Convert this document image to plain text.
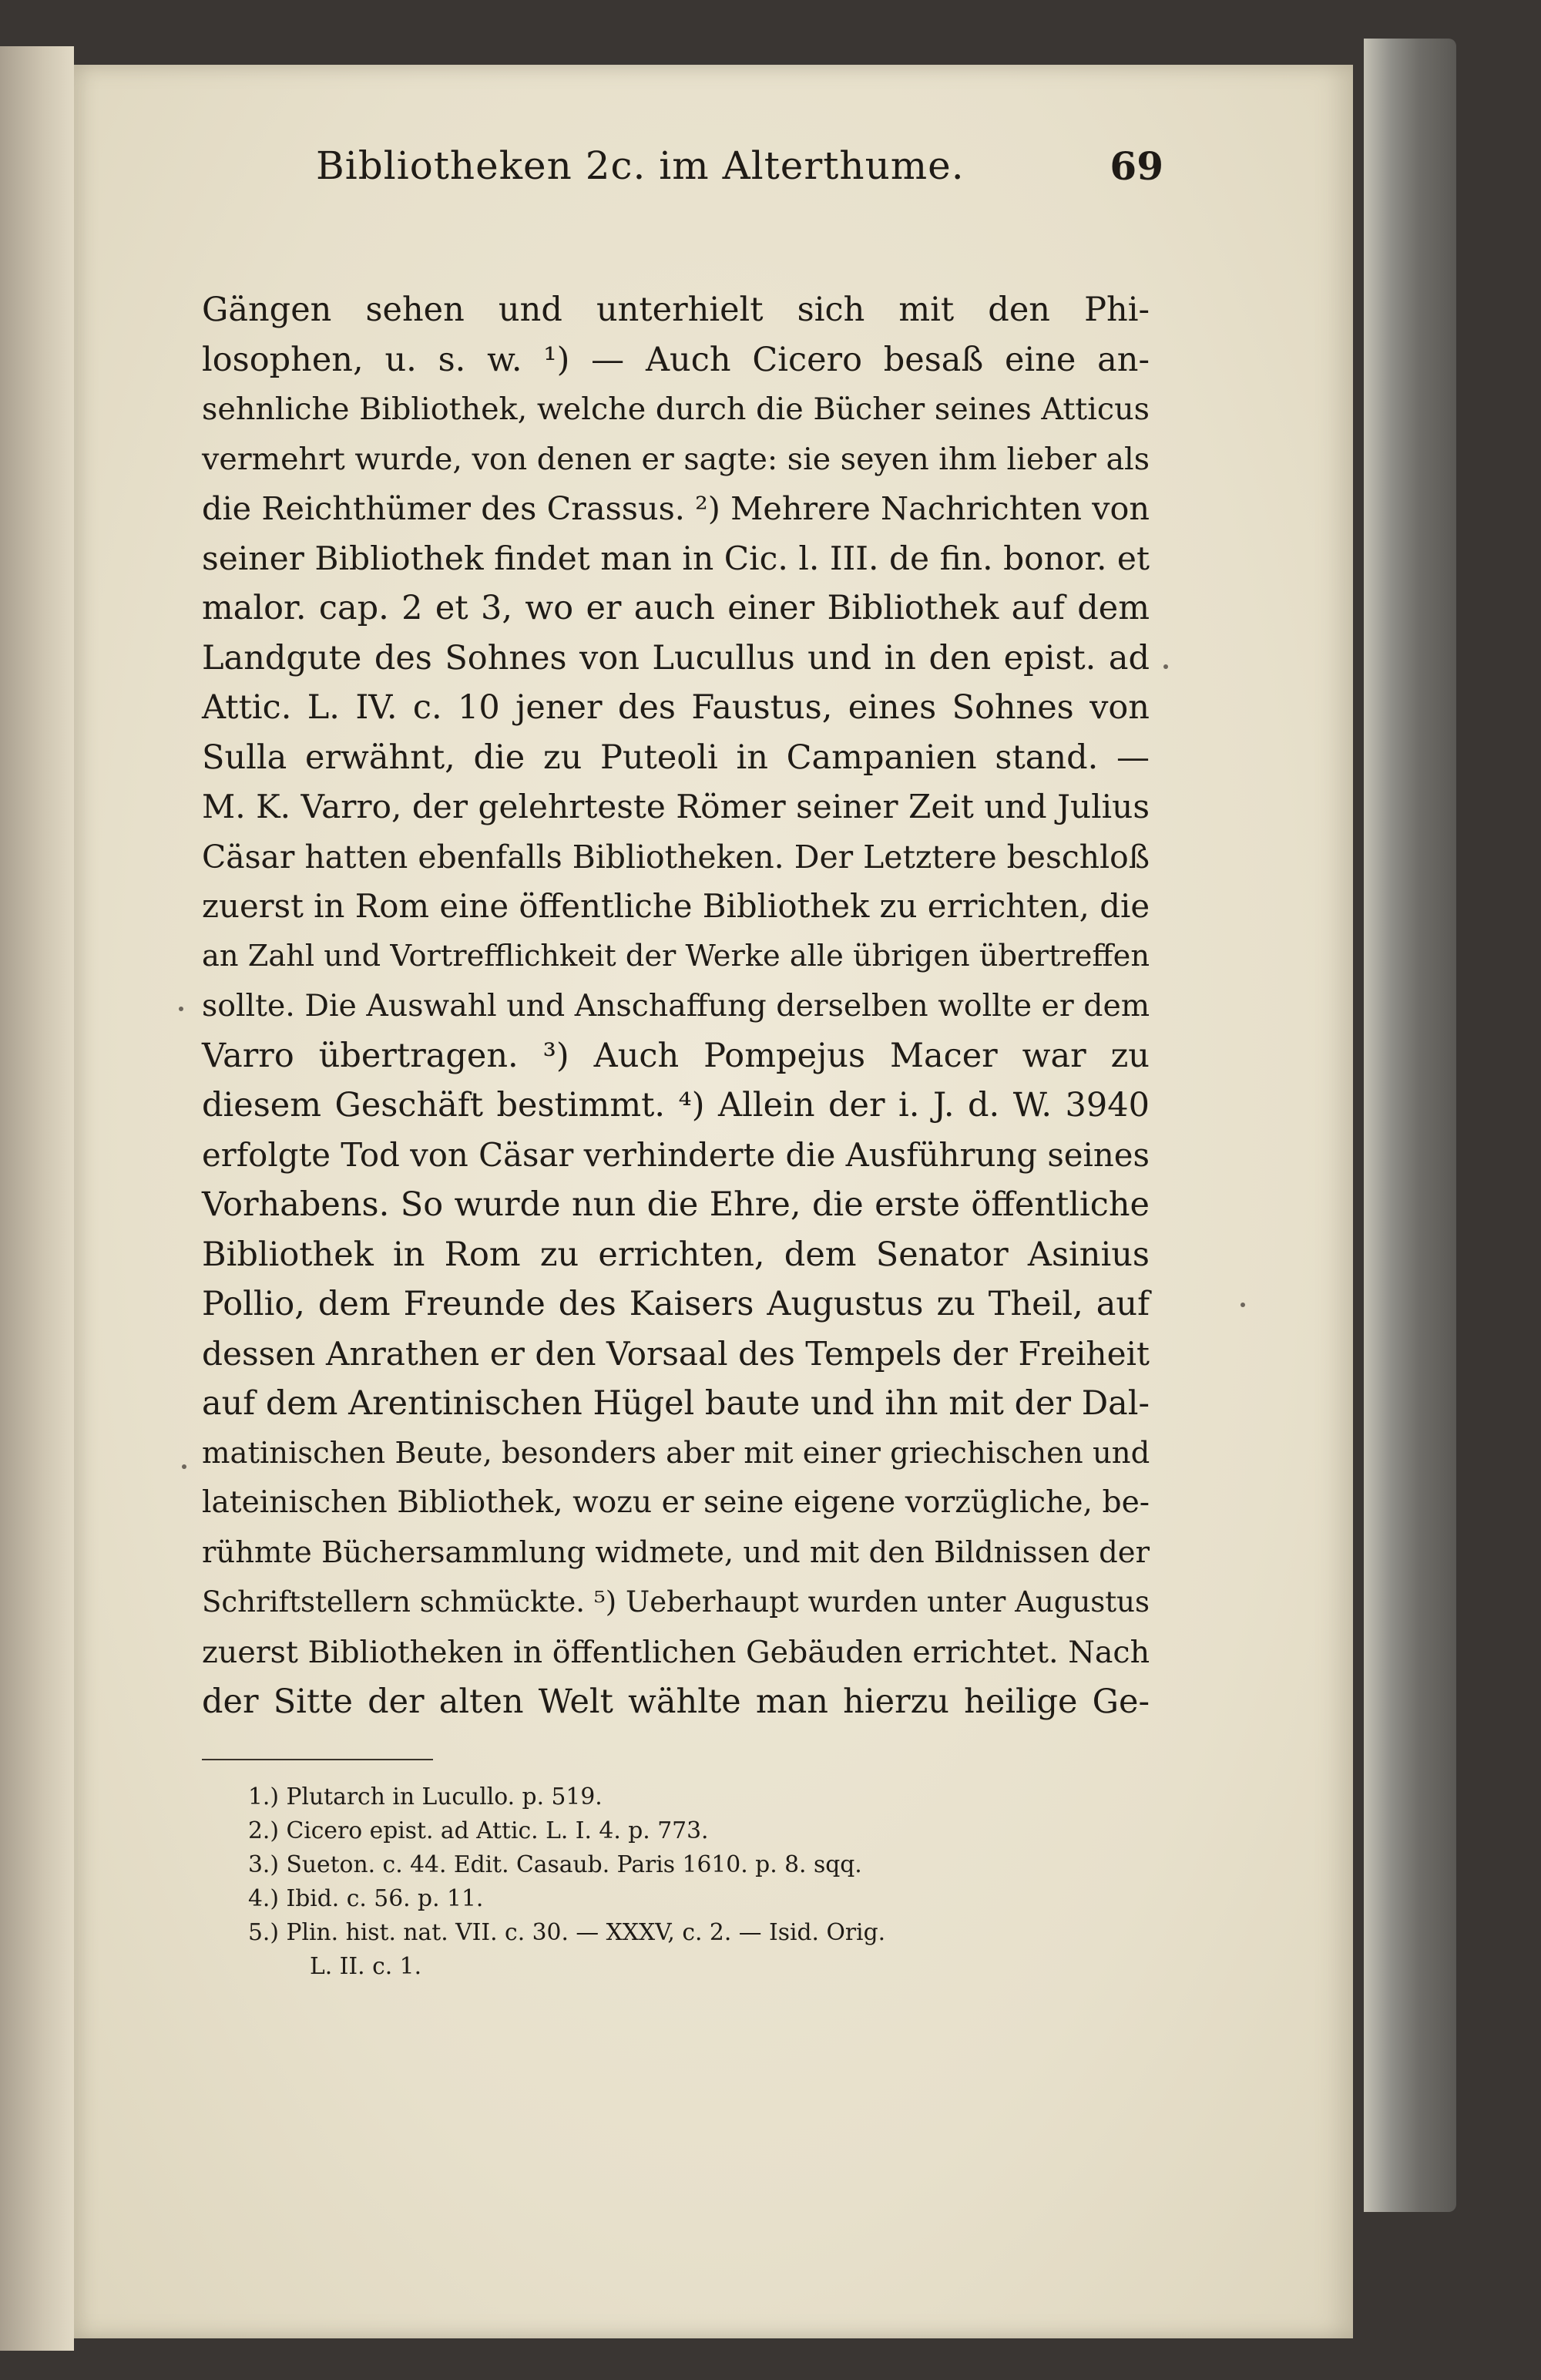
Bibliotheken 2c. im Alterthume.	69
Gängen sehen und unterhielt sich mit den Phi-
losophen, u. s. w. ¹) — Auch Cicero besaß eine an-
sehnliche Bibliothek, welche durch die Bücher seines Atticus
vermehrt wurde, von denen er sagte: sie seyen ihm lieber als
die Reichthümer des Crassus. ²) Mehrere Nachrichten von
seiner Bibliothek findet man in Cic. l. III. de fin. bonor. et
malor. cap. 2 et 3, wo er auch einer Bibliothek auf dem
Landgute des Sohnes von Lucullus und in den epist. ad
Attic. L. IV. c. 10 jener des Faustus, eines Sohnes von
Sulla erwähnt, die zu Puteoli in Campanien stand. —
M. K. Varro, der gelehrteste Römer seiner Zeit und Julius
Cäsar hatten ebenfalls Bibliotheken. Der Letztere beschloß
zuerst in Rom eine öffentliche Bibliothek zu errichten, die
an Zahl und Vortrefflichkeit der Werke alle übrigen übertreffen
sollte. Die Auswahl und Anschaffung derselben wollte er dem
Varro übertragen. ³) Auch Pompejus Macer war zu
diesem Geschäft bestimmt. ⁴) Allein der i. J. d. W. 3940
erfolgte Tod von Cäsar verhinderte die Ausführung seines
Vorhabens. So wurde nun die Ehre, die erste öffentliche
Bibliothek in Rom zu errichten, dem Senator Asinius
Pollio, dem Freunde des Kaisers Augustus zu Theil, auf
dessen Anrathen er den Vorsaal des Tempels der Freiheit
auf dem Arentinischen Hügel baute und ihn mit der Dal-
matinischen Beute, besonders aber mit einer griechischen und
lateinischen Bibliothek, wozu er seine eigene vorzügliche, be-
rühmte Büchersammlung widmete, und mit den Bildnissen der
Schriftstellern schmückte. ⁵) Ueberhaupt wurden unter Augustus
zuerst Bibliotheken in öffentlichen Gebäuden errichtet. Nach
der Sitte der alten Welt wählte man hierzu heilige Ge-
1.) Plutarch in Lucullo. p. 519.
2.) Cicero epist. ad Attic. L. I. 4. p. 773.
3.) Sueton. c. 44. Edit. Casaub. Paris 1610. p. 8. sqq.
4.) Ibid. c. 56. p. 11.
5.) Plin. hist. nat. VII. c. 30. — XXXV, c. 2. — Isid. Orig.
L. II. c. 1.
